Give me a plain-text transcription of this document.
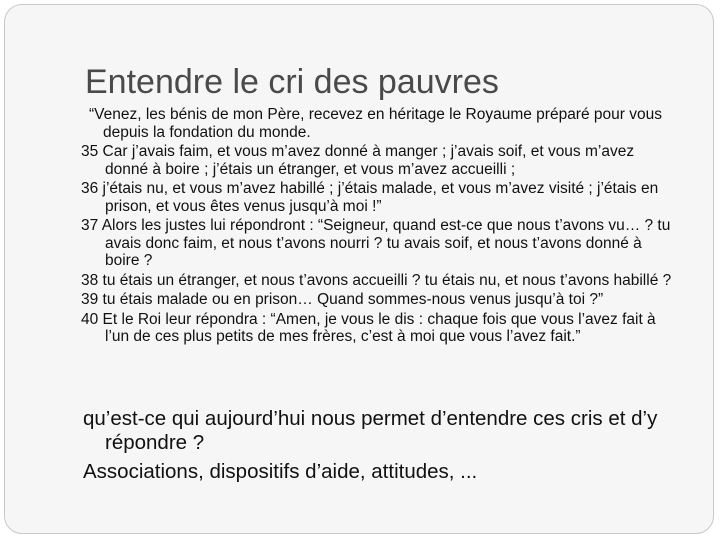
Entendre le cri des pauvres
“Venez, les bénis de mon Père, recevez en héritage le Royaume préparé pour vous depuis la fondation du monde.
35 Car j’avais faim, et vous m’avez donné à manger ; j’avais soif, et vous m’avez donné à boire ; j’étais un étranger, et vous m’avez accueilli ;
36 j’étais nu, et vous m’avez habillé ; j’étais malade, et vous m’avez visité ; j’étais en prison, et vous êtes venus jusqu’à moi !”
37 Alors les justes lui répondront : “Seigneur, quand est-ce que nous t’avons vu… ? tu avais donc faim, et nous t’avons nourri ? tu avais soif, et nous t’avons donné à boire ?
38 tu étais un étranger, et nous t’avons accueilli ? tu étais nu, et nous t’avons habillé ?
39 tu étais malade ou en prison… Quand sommes-nous venus jusqu’à toi ?”
40 Et le Roi leur répondra : “Amen, je vous le dis : chaque fois que vous l’avez fait à l’un de ces plus petits de mes frères, c’est à moi que vous l’avez fait.”
qu’est-ce qui aujourd’hui nous permet d’entendre ces cris et d’y répondre ?
Associations, dispositifs d’aide, attitudes, ...
